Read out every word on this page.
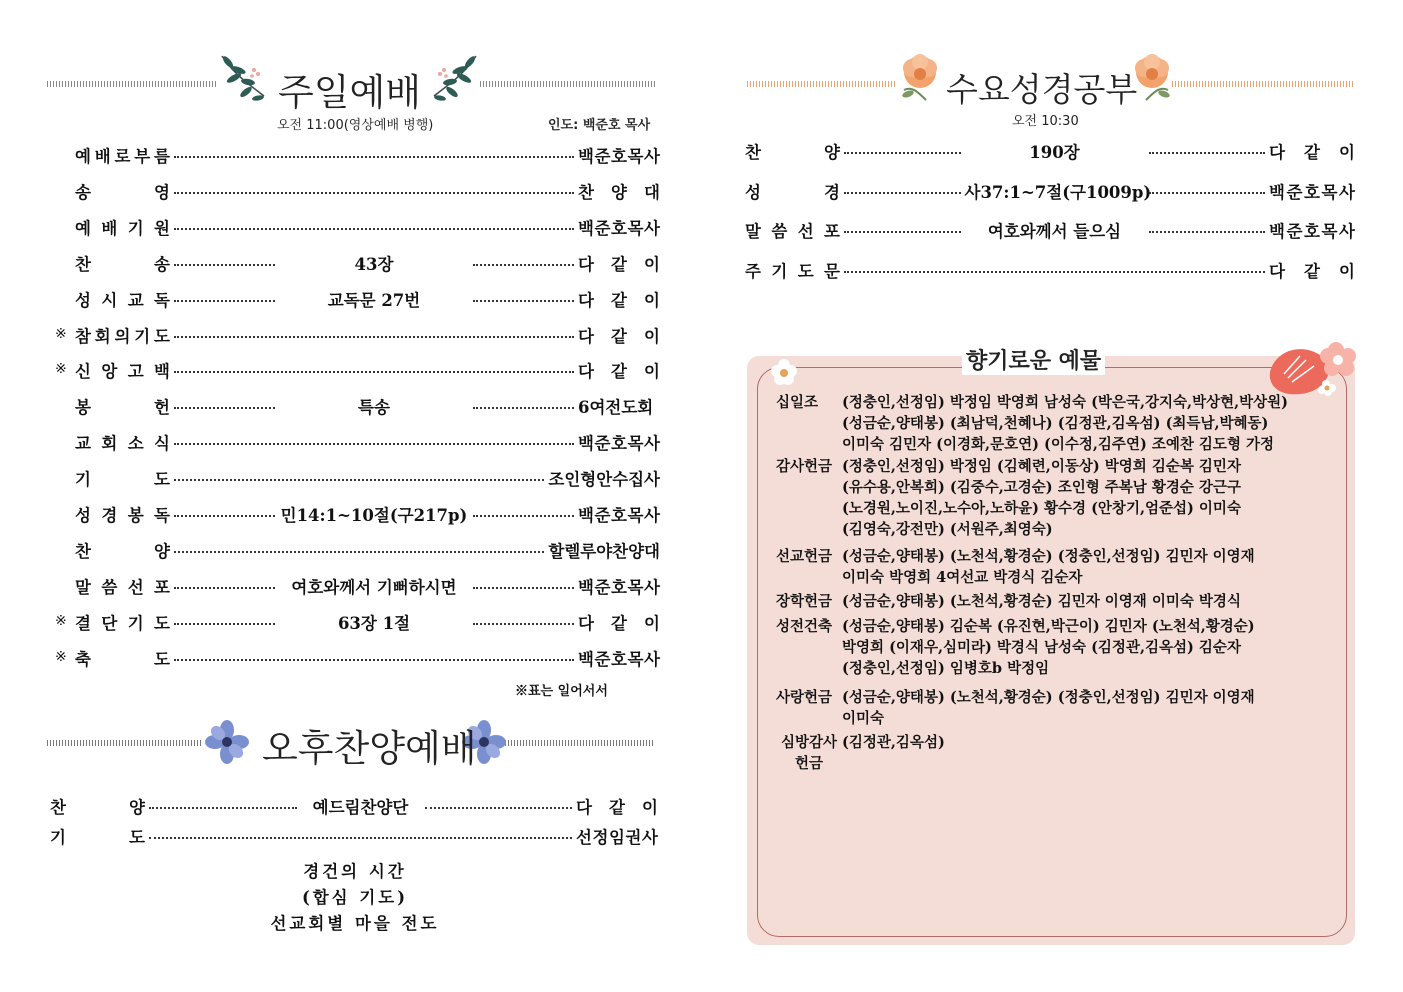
주일예배
오전 11:00(영상예배 병행)	인도: 백준호 목사
예 배 로 부 름	백 준 호 목 사
송	영	찬 양 대
예 배 기 원	백 준 호 목 사
찬	송	43장	다 같 이
성 시 교 독	교독문 27번	다 같 이
※ 참 회 의 기 도	다 같 이
※ 신 앙 고 백	다 같 이
봉	헌	특송	6여전도회
교 회 소 식	백 준 호 목 사
기	도	조인형안수집사
성 경 봉 독	민14:1~10절(구217p)	백 준 호 목 사
찬	양	할렐루야찬양대
말 씀 선 포	여호와께서 기뻐하시면	백 준 호 목 사
※ 결 단 기 도	63장 1절	다 같 이
※ 축	도	백 준 호 목 사
※표는 일어서서
오후찬양예배
찬	양	예드림찬양단	다 같 이
기	도	선 정 임 권 사
경건의 시간
(합심 기도)
선교회별 마을 전도
수요성경공부
오전 10:30
찬	양	190장	다 같 이
성	경	사37:1~7절(구1009p)	백 준 호 목 사
말 씀 선 포	여호와께서 들으심	백 준 호 목 사
주 기 도 문	다 같 이
향기로운 예물
십일조	(정충인,선정임) 박정임 박영희 남성숙 (박은국,강지숙,박상현,박상원)
(성금순,양태봉) (최남덕,천혜나) (김정관,김옥섬) (최득남,박혜동)
이미숙 김민자 (이경화,문호연) (이수정,김주연) 조예찬 김도형 가정
감사헌금 (정충인,선정임) 박정임 (김혜련,이동상) 박영희 김순복 김민자
(유수용,안복희) (김중수,고경순) 조인형 주복남 황경순 강근구
(노경원,노이진,노수아,노하윤) 황수경 (안창기,엄준섭) 이미숙
(김영숙,강전만) (서원주,최영숙)
선교헌금 (성금순,양태봉) (노천석,황경순) (정충인,선정임) 김민자 이영재
이미숙 박영희 4여선교 박경식 김순자
장학헌금 (성금순,양태봉) (노천석,황경순) 김민자 이영재 이미숙 박경식
성전건축 (성금순,양태봉) 김순복 (유진현,박근이) 김민자 (노천석,황경순)
박영희 (이재우,심미라) 박경식 남성숙 (김정관,김옥섬) 김순자
(정충인,선정임) 임병호b 박정임
사랑헌금 (성금순,양태봉) (노천석,황경순) (정충인,선정임) 김민자 이영재
이미숙
심방감사헌금
(김정관,김옥섬)
